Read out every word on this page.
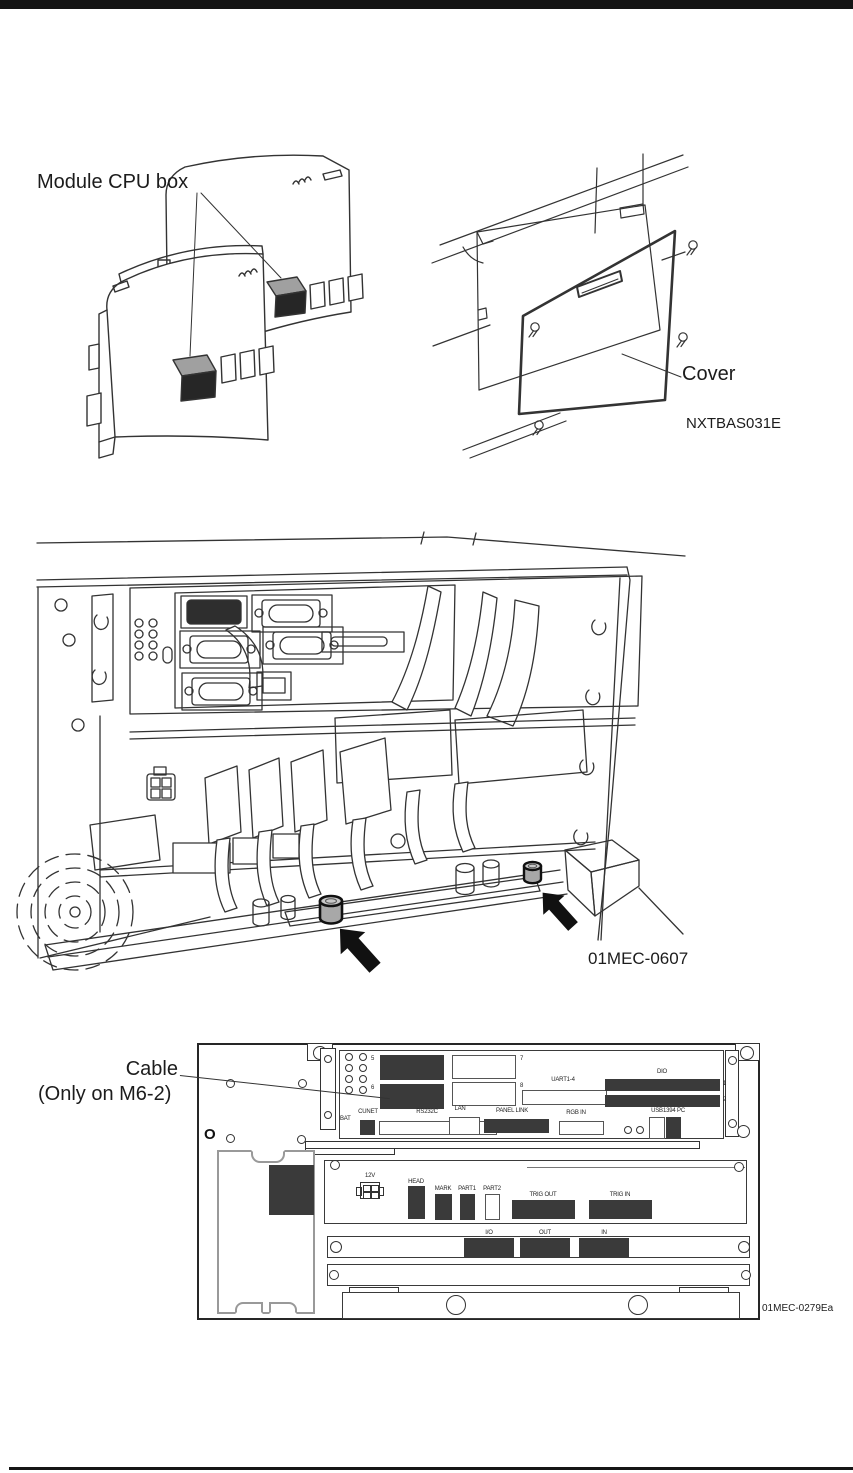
Module CPU box
Cover
NXTBAS031E
01MEC-0607
Cable
(Only on M6-2)
5
6
7
8
UART1-4
DIO
1
2
BAT
CUNET	RS232C	LAN	PANEL LINK	RGB IN	USB 1394 PC
O
12V
HEAD
MARK PART1 PART2
TRIG OUT	TRIG IN
I/O	OUT	IN
01MEC-0279Ea
